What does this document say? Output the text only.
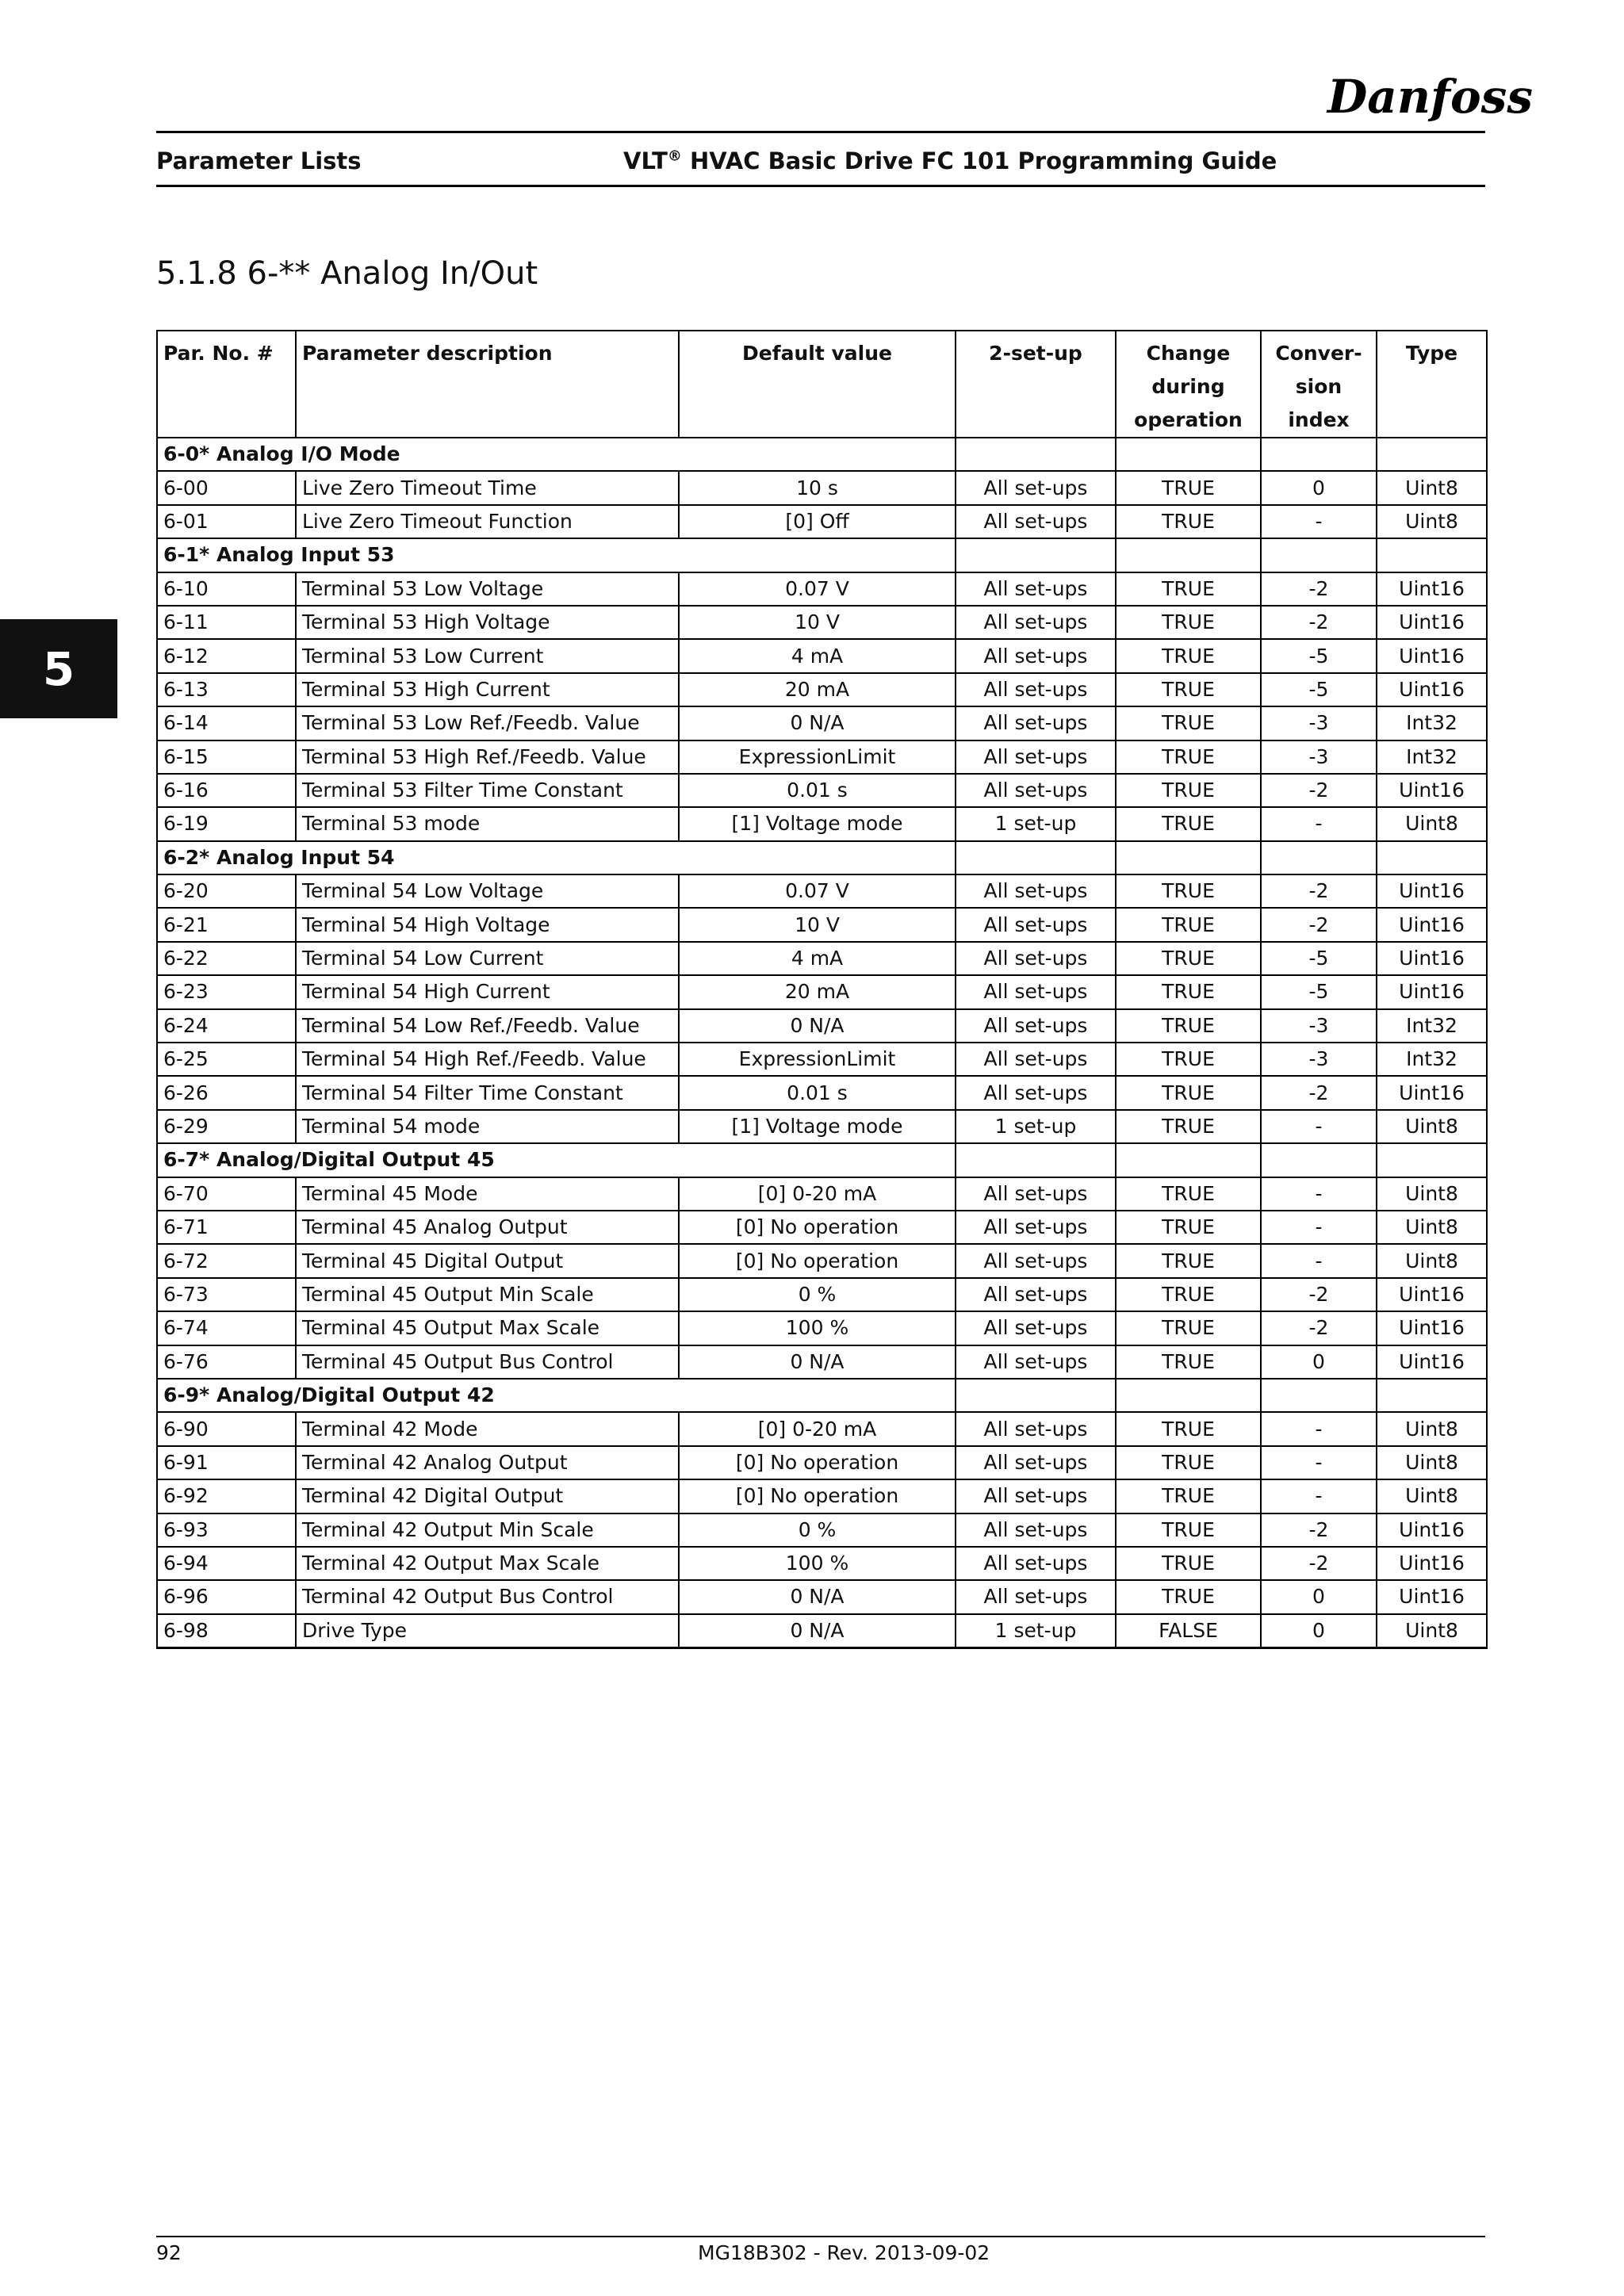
Danfoss
Parameter Lists	VLT® HVAC Basic Drive FC 101 Programming Guide
5
5.1.8 6-** Analog In/Out
Par. No. #	Parameter description	Default value	2-set-up	Change during operation	Conver-sion index	Type
6-0* Analog I/O Mode						
6-00	Live Zero Timeout Time	10 s	All set-ups	TRUE	0	Uint8
6-01	Live Zero Timeout Function	[0] Off	All set-ups	TRUE	-	Uint8
6-1* Analog Input 53						
6-10	Terminal 53 Low Voltage	0.07 V	All set-ups	TRUE	-2	Uint16
6-11	Terminal 53 High Voltage	10 V	All set-ups	TRUE	-2	Uint16
6-12	Terminal 53 Low Current	4 mA	All set-ups	TRUE	-5	Uint16
6-13	Terminal 53 High Current	20 mA	All set-ups	TRUE	-5	Uint16
6-14	Terminal 53 Low Ref./Feedb. Value	0 N/A	All set-ups	TRUE	-3	Int32
6-15	Terminal 53 High Ref./Feedb. Value	ExpressionLimit	All set-ups	TRUE	-3	Int32
6-16	Terminal 53 Filter Time Constant	0.01 s	All set-ups	TRUE	-2	Uint16
6-19	Terminal 53 mode	[1] Voltage mode	1 set-up	TRUE	-	Uint8
6-2* Analog Input 54						
6-20	Terminal 54 Low Voltage	0.07 V	All set-ups	TRUE	-2	Uint16
6-21	Terminal 54 High Voltage	10 V	All set-ups	TRUE	-2	Uint16
6-22	Terminal 54 Low Current	4 mA	All set-ups	TRUE	-5	Uint16
6-23	Terminal 54 High Current	20 mA	All set-ups	TRUE	-5	Uint16
6-24	Terminal 54 Low Ref./Feedb. Value	0 N/A	All set-ups	TRUE	-3	Int32
6-25	Terminal 54 High Ref./Feedb. Value	ExpressionLimit	All set-ups	TRUE	-3	Int32
6-26	Terminal 54 Filter Time Constant	0.01 s	All set-ups	TRUE	-2	Uint16
6-29	Terminal 54 mode	[1] Voltage mode	1 set-up	TRUE	-	Uint8
6-7* Analog/Digital Output 45						
6-70	Terminal 45 Mode	[0] 0-20 mA	All set-ups	TRUE	-	Uint8
6-71	Terminal 45 Analog Output	[0] No operation	All set-ups	TRUE	-	Uint8
6-72	Terminal 45 Digital Output	[0] No operation	All set-ups	TRUE	-	Uint8
6-73	Terminal 45 Output Min Scale	0 %	All set-ups	TRUE	-2	Uint16
6-74	Terminal 45 Output Max Scale	100 %	All set-ups	TRUE	-2	Uint16
6-76	Terminal 45 Output Bus Control	0 N/A	All set-ups	TRUE	0	Uint16
6-9* Analog/Digital Output 42						
6-90	Terminal 42 Mode	[0] 0-20 mA	All set-ups	TRUE	-	Uint8
6-91	Terminal 42 Analog Output	[0] No operation	All set-ups	TRUE	-	Uint8
6-92	Terminal 42 Digital Output	[0] No operation	All set-ups	TRUE	-	Uint8
6-93	Terminal 42 Output Min Scale	0 %	All set-ups	TRUE	-2	Uint16
6-94	Terminal 42 Output Max Scale	100 %	All set-ups	TRUE	-2	Uint16
6-96	Terminal 42 Output Bus Control	0 N/A	All set-ups	TRUE	0	Uint16
6-98	Drive Type	0 N/A	1 set-up	FALSE	0	Uint8
92	MG18B302 - Rev. 2013-09-02
